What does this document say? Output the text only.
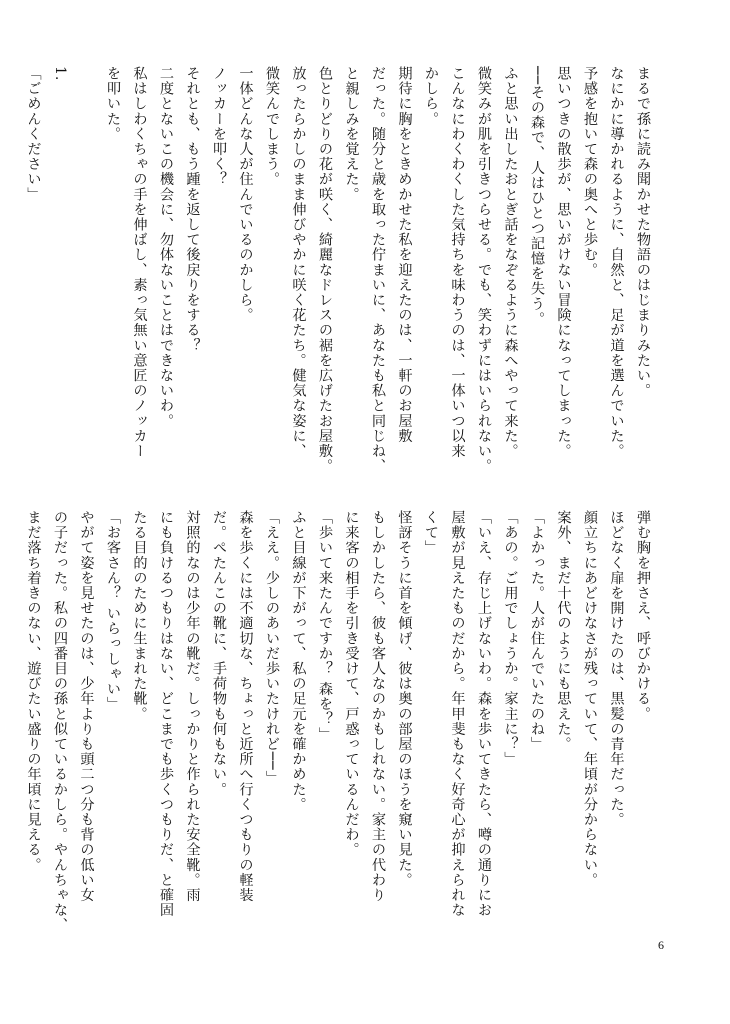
まるで孫に読み聞かせた物語のはじまりみたい。
なにかに導かれるように、自然と、足が道を選んでいた。
予感を抱いて森の奥へと歩む。
思いつきの散歩が、思いがけない冒険になってしまった。
──その森で、人はひとつ記憶を失う。
ふと思い出したおとぎ話をなぞるように森へやって来た。
微笑みが肌を引きつらせる。でも、笑わずにはいられない。
こんなにわくわくした気持ちを味わうのは、一体いつ以来
かしら。
期待に胸をときめかせた私を迎えたのは、一軒のお屋敷
だった。随分と歳を取った佇まいに、あなたも私と同じね、
と親しみを覚えた。
色とりどりの花が咲く、綺麗なドレスの裾を広げたお屋敷。
放ったらかしのまま伸びやかに咲く花たち。健気な姿に、
微笑んでしまう。
一体どんな人が住んでいるのかしら。
ノッカーを叩く？
それとも、もう踵を返して後戻りをする？
二度とないこの機会に、勿体ないことはできないわ。
私はしわくちゃの手を伸ばし、素っ気無い意匠のノッカー
を叩いた。

1.
「ごめんください」
弾む胸を押さえ、呼びかける。
ほどなく扉を開けたのは、黒髪の青年だった。
顔立ちにあどけなさが残っていて、年頃が分からない。
案外、まだ十代のようにも思えた。
「よかった。人が住んでいたのね」
「あの。ご用でしょうか。家主に？」
「いえ、存じ上げないわ。森を歩いてきたら、噂の通りにお
屋敷が見えたものだから。年甲斐もなく好奇心が抑えられな
くて」
怪訝そうに首を傾げ、彼は奥の部屋のほうを窺い見た。
もしかしたら、彼も客人なのかもしれない。家主の代わり
に来客の相手を引き受けて、戸惑っているんだわ。
「歩いて来たんですか？ 森を？」
ふと目線が下がって、私の足元を確かめた。
「ええ。少しのあいだ歩いたけれど──」
森を歩くには不適切な、ちょっと近所へ行くつもりの軽装
だ。ぺたんこの靴に、手荷物も何もない。
対照的なのは少年の靴だ。しっかりと作られた安全靴。雨
にも負けるつもりはない、どこまでも歩くつもりだ、と確固
たる目的のために生まれた靴。
「お客さん？ いらっしゃい」
やがて姿を見せたのは、少年よりも頭二つ分も背の低い女
の子だった。私の四番目の孫と似ているかしら。やんちゃな、
まだ落ち着きのない、遊びたい盛りの年頃に見える。
6
